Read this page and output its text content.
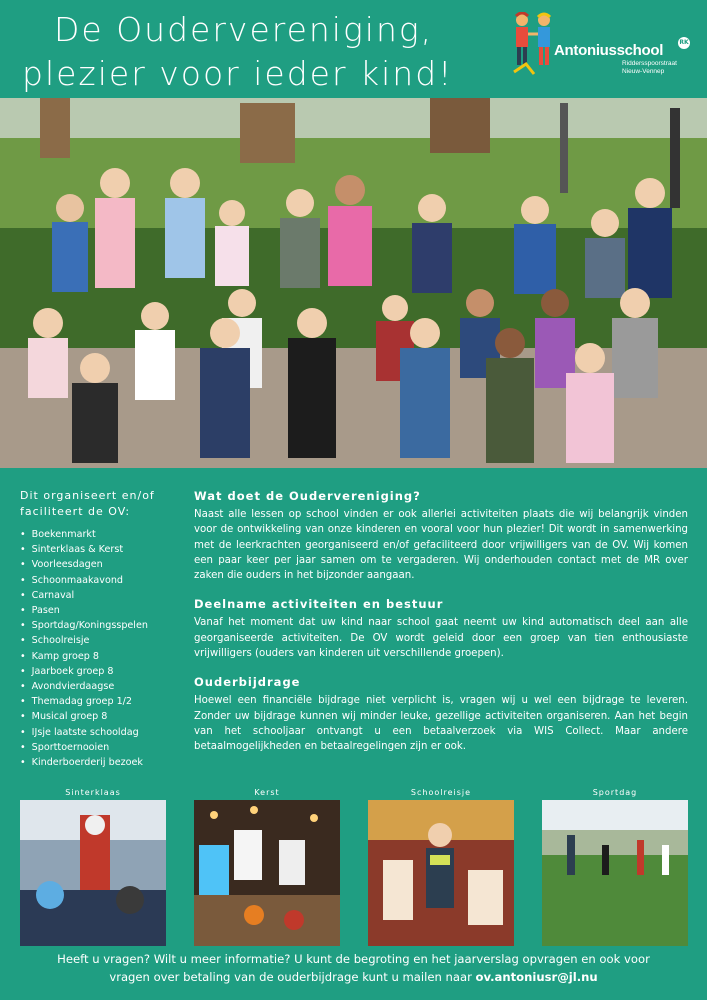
De Oudervereniging,
plezier voor ieder kind!
Antoniusschool	RK
Riddersspoorstraat
Nieuw-Vennep
Dit organiseert en/of
faciliteert de OV:
• Boekenmarkt
• Sinterklaas & Kerst
• Voorleesdagen
• Schoonmaakavond
• Carnaval
• Pasen
• Sportdag/Koningsspelen
• Schoolreisje
• Kamp groep 8
• Jaarboek groep 8
• Avondvierdaagse
• Themadag groep 1/2
• Musical groep 8
• IJsje laatste schooldag
• Sporttoernooien
• Kinderboerderij bezoek
Wat doet de Oudervereniging?

Naast alle lessen op school vinden er ook allerlei activiteiten plaats die wij belangrijk vinden voor de ontwikkeling van onze kinderen en vooral voor hun plezier! Dit wordt in samenwerking met de leerkrachten georganiseerd en/of gefaciliteerd door vrijwilligers van de OV. Wij komen een paar keer per jaar samen om te vergaderen. Wij onderhouden contact met de MR over zaken die ouders in het bijzonder aangaan.

Deelname activiteiten en bestuur

Vanaf het moment dat uw kind naar school gaat neemt uw kind automatisch deel aan alle georganiseerde activiteiten. De OV wordt geleid door een groep van tien enthousiaste vrijwilligers (ouders van kinderen uit verschillende groepen).

Ouderbijdrage

Hoewel een financiële bijdrage niet verplicht is, vragen wij u wel een bijdrage te leveren. Zonder uw bijdrage kunnen wij minder leuke, gezellige activiteiten organiseren. Aan het begin van het schooljaar ontvangt u een betaalverzoek via WIS Collect. Maar andere betaalmogelijkheden en betaalregelingen zijn er ook.

Sinterklaas	Kerst	Schoolreisje	Sportdag
Heeft u vragen? Wilt u meer informatie? U kunt de begroting en het jaarverslag opvragen en ook voor
vragen over betaling van de ouderbijdrage kunt u mailen naar ov.antoniusr@jl.nu
